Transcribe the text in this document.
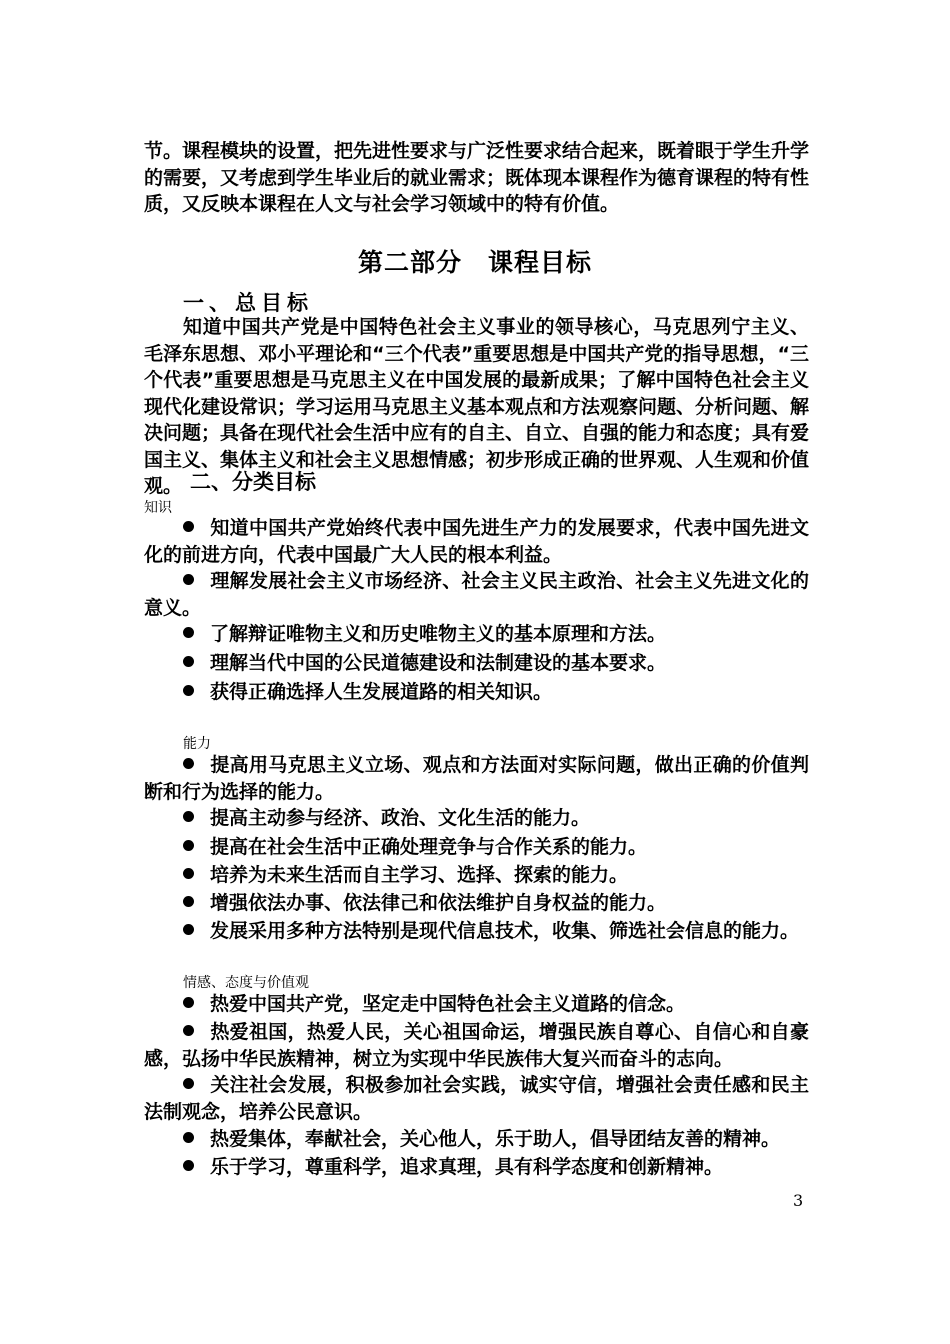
节。课程模块的设置，把先进性要求与广泛性要求结合起来，既着眼于学生升学的需要，又考虑到学生毕业后的就业需求；既体现本课程作为德育课程的特有性质，又反映本课程在人文与社会学习领域中的特有价值。

第二部分　课程目标
一、总目标

知道中国共产党是中国特色社会主义事业的领导核心，马克思列宁主义、毛泽东思想、邓小平理论和“三个代表”重要思想是中国共产党的指导思想，“三个代表”重要思想是马克思主义在中国发展的最新成果；了解中国特色社会主义现代化建设常识；学习运用马克思主义基本观点和方法观察问题、分析问题、解决问题；具备在现代社会生活中应有的自主、自立、自强的能力和态度；具有爱国主义、集体主义和社会主义思想情感；初步形成正确的世界观、人生观和价值观。 二、分类目标

知识

知道中国共产党始终代表中国先进生产力的发展要求，代表中国先进文化的前进方向，代表中国最广大人民的根本利益。

理解发展社会主义市场经济、社会主义民主政治、社会主义先进文化的意义。

了解辩证唯物主义和历史唯物主义的基本原理和方法。

理解当代中国的公民道德建设和法制建设的基本要求。

获得正确选择人生发展道路的相关知识。

能力

提高用马克思主义立场、观点和方法面对实际问题，做出正确的价值判断和行为选择的能力。

提高主动参与经济、政治、文化生活的能力。

提高在社会生活中正确处理竞争与合作关系的能力。

培养为未来生活而自主学习、选择、探索的能力。

增强依法办事、依法律己和依法维护自身权益的能力。

发展采用多种方法特别是现代信息技术，收集、筛选社会信息的能力。

情感、态度与价值观

热爱中国共产党，坚定走中国特色社会主义道路的信念。

热爱祖国，热爱人民，关心祖国命运，增强民族自尊心、自信心和自豪感，弘扬中华民族精神，树立为实现中华民族伟大复兴而奋斗的志向。

关注社会发展，积极参加社会实践，诚实守信，增强社会责任感和民主法制观念，培养公民意识。

热爱集体，奉献社会，关心他人，乐于助人，倡导团结友善的精神。

乐于学习，尊重科学，追求真理，具有科学态度和创新精神。

3
